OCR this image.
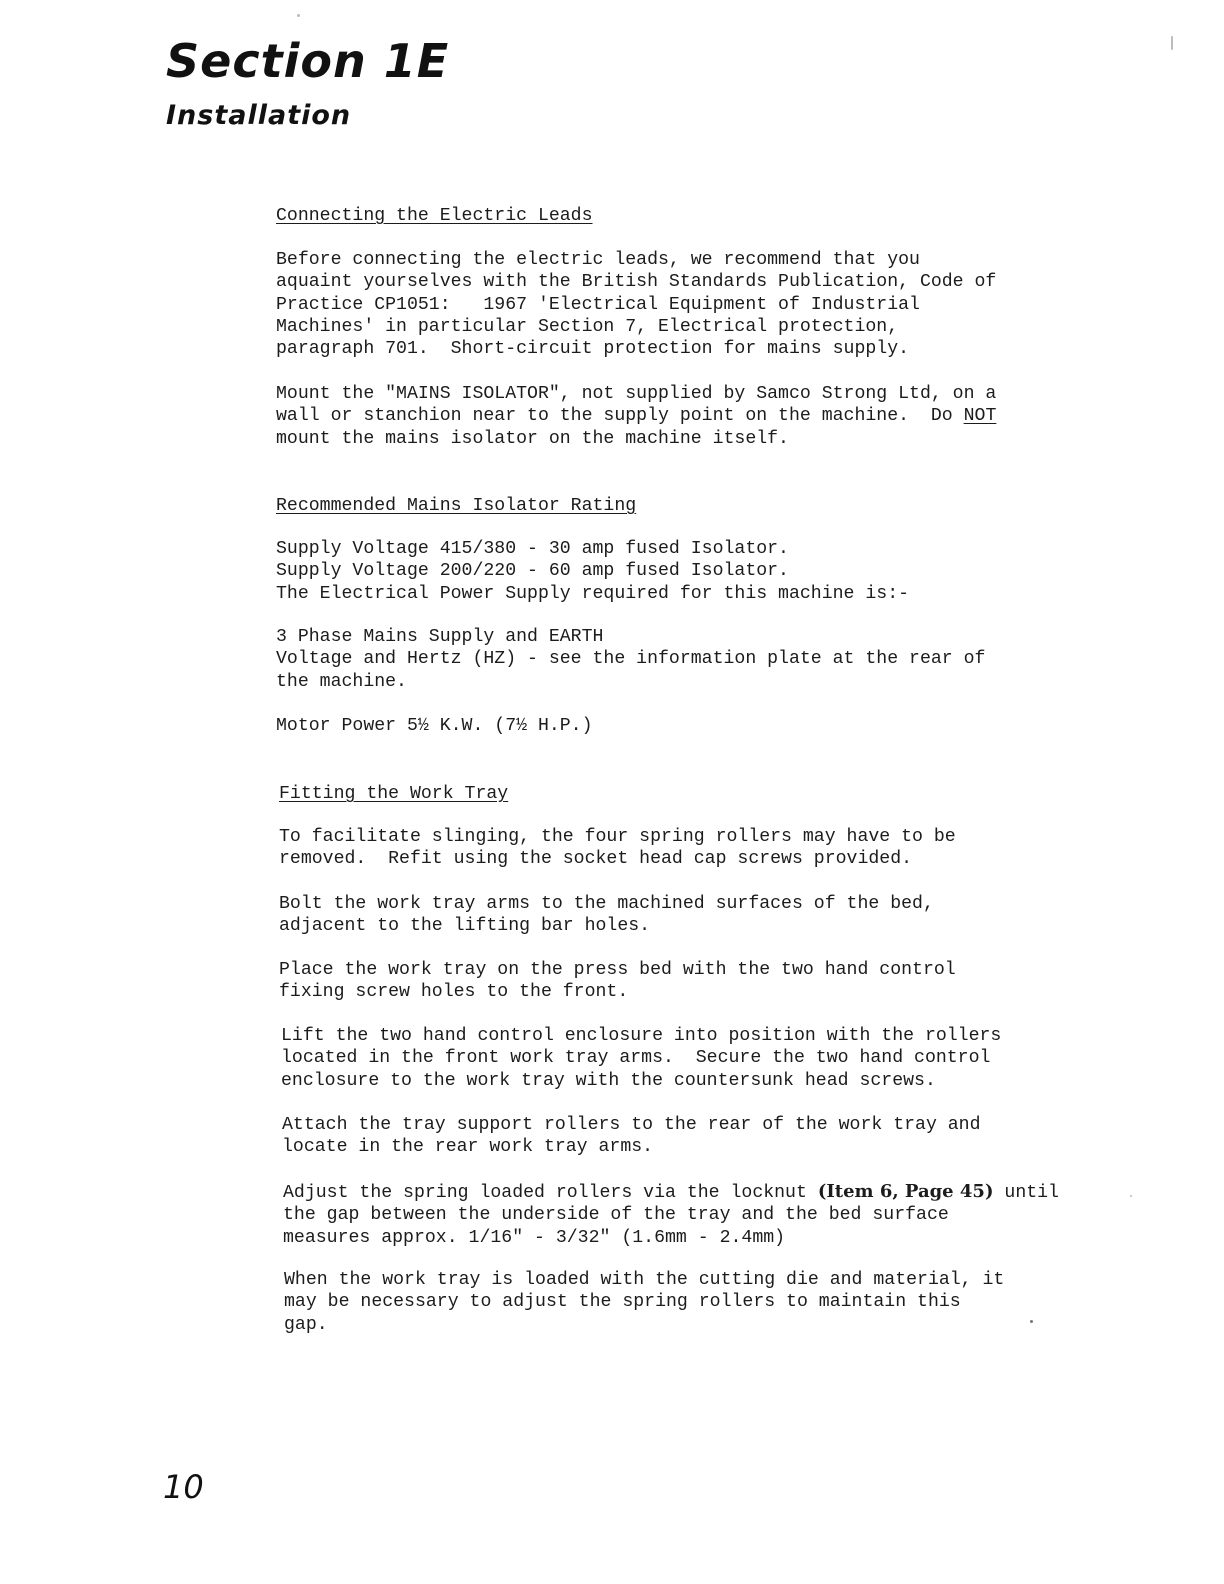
Section 1E
Installation

Connecting the Electric Leads

Before connecting the electric leads, we recommend that you
aquaint yourselves with the British Standards Publication, Code of
Practice CP1051:   1967 'Electrical Equipment of Industrial
Machines' in particular Section 7, Electrical protection,
paragraph 701.  Short-circuit protection for mains supply.
Mount the "MAINS ISOLATOR", not supplied by Samco Strong Ltd, on a
wall or stanchion near to the supply point on the machine.  Do NOT
mount the mains isolator on the machine itself.

Recommended Mains Isolator Rating

Supply Voltage 415/380 - 30 amp fused Isolator.
Supply Voltage 200/220 - 60 amp fused Isolator.
The Electrical Power Supply required for this machine is:-
3 Phase Mains Supply and EARTH
Voltage and Hertz (HZ) - see the information plate at the rear of
the machine.

Motor Power 5½ K.W. (7½ H.P.)

Fitting the Work Tray

To facilitate slinging, the four spring rollers may have to be
removed.  Refit using the socket head cap screws provided.
Bolt the work tray arms to the machined surfaces of the bed,
adjacent to the lifting bar holes.
Place the work tray on the press bed with the two hand control
fixing screw holes to the front.
Lift the two hand control enclosure into position with the rollers
located in the front work tray arms.  Secure the two hand control
enclosure to the work tray with the countersunk head screws.
Attach the tray support rollers to the rear of the work tray and
locate in the rear work tray arms.
Adjust the spring loaded rollers via the locknut (Item 6, Page 45) until
the gap between the underside of the tray and the bed surface
measures approx. 1/16" - 3/32" (1.6mm - 2.4mm)
When the work tray is loaded with the cutting die and material, it
may be necessary to adjust the spring rollers to maintain this
gap.

10
